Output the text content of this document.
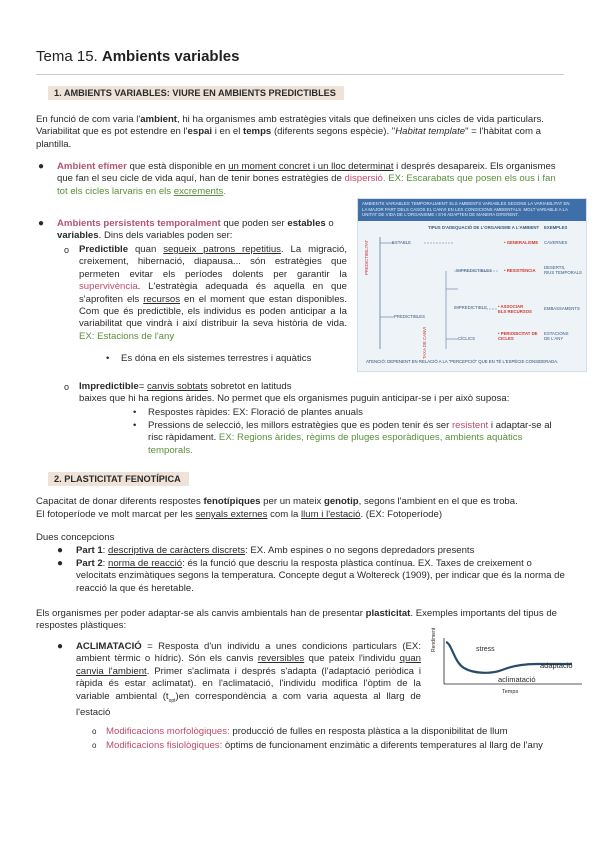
Tema 15. Ambients variables
1. AMBIENTS VARIABLES: VIURE EN AMBIENTS PREDICTIBLES
En funció de com varia l'ambient, hi ha organismes amb estratègies vitals que defineixen uns cicles de vida particulars. Variabilitat que es pot estendre en l'espai i en el temps (diferents segons espècie). "Habitat template" = l'hàbitat com a plantilla.
● Ambient efímer que està disponible en un moment concret i un lloc determinat i després desapareix. Els organismes que fan el seu cicle de vida aquí, han de tenir bones estratègies de dispersió. EX: Escarabats que posen els ous i fan tot els cicles larvaris en els excrements.
● Ambients persistents temporalment que poden ser estables o variables. Dins dels variables poden ser:
o Predictible quan segueix patrons repetitius. La migració, creixement, hibernació, diapausa... són estratègies que permeten evitar els períodes dolents per garantir la supervivència. L'estratègia adequada és aquella en que s'aprofiten els recursos en el moment que estan disponibles. Com que és predictible, els individus es poden anticipar a la variabilitat que vindrà i així distribuir la seva història de vida. EX: Estacions de l'any
• Es dóna en els sistemes terrestres i aquàtics
AMBIENTS VARIABLES TEMPORALMENT: ELS AMBIENTS VARIABLES SEGONS LA VARIABILITAT EN
LA MAJOR PART DELS CASOS EL CANVI EN LES CONDICIONS AMBIENTALS. MOLT VARIABLE A LA
UNITAT DE VIDA DE L'ORGANISME I S'HI ADAPTEN DE MANERA DIFERENT.
TIPUS D'ADEQUACIÓ DE L'ORGANISME A L'AMBIENT EXEMPLES
PREDICTIBILITAT
TAXA DE CANVI
ESTABLE
IMPREDICTIBLES
PREDICTIBLES
IMPREDICTIBLE
CÍCLICS
• GENERALISME
• RESISTÈNCIA
• ASSOCIAR
ELS RECURSOS
• PERIODICITAT DE
CICLES
CAVERNES
DESERTS,
RIUS TEMPORALS
EMBASSAMENTS
ESTACIONS
DE L'ANY
ATENCIÓ: DEPENENT EN RELACIÓ A LA "PERCEPCIÓ" QUE EN TÉ L'ESPÈCIE CONSIDERADA.
o Impredictible= canvis sobtats sobretot en latituds
baixes que hi ha regions àrides. No permet que els organismes puguin anticipar-se i per això suposa:
• Respostes ràpides: EX: Floració de plantes anuals
• Pressions de selecció, les millors estratègies que es poden tenir és ser resistent i adaptar-se al risc ràpidament. EX: Regions àrides, règims de pluges esporàdiques, ambients aquàtics temporals.
2. PLASTICITAT FENOTÍPICA
Capacitat de donar diferents respostes fenotípiques per un mateix genotip, segons l'ambient en el que es troba.
El fotoperíode ve molt marcat per les senyals externes com la llum i l'estació. (EX: Fotoperíode)
Dues concepcions
● Part 1: descriptiva de caràcters discrets: EX. Amb espines o no segons depredadors presents
● Part 2: norma de reacció: és la funció que descriu la resposta plàstica contínua. EX. Taxes de creixement o velocitats enzimàtiques segons la temperatura. Concepte degut a Woltereck (1909), per indicar que és la norma de reacció la que és heretable.
Els organismes per poder adaptar-se als canvis ambientals han de presentar plasticitat. Exemples importants del tipus de respostes plàstiques:
● ACLIMATACIÓ = Resposta d'un individu a unes condicions particulars (EX: ambient tèrmic o hídric). Són els canvis reversibles que pateix l'individu quan canvia l'ambient. Primer s'aclimata i després s'adapta (l'adaptació periòdica i ràpida és estar aclimatat). en l'aclimatació, l'individu modifica l'òptim de la variable ambiental $(t_{opt})en$ correspondència a com varia aquesta al llarg de l'estació
Rendiment
Temps
stress
adaptació
aclimatació
o Modificacions morfològiques: producció de fulles en resposta plàstica a la disponibilitat de llum
o Modificacions fisiològiques: òptims de funcionament enzimàtic a diferents temperatures al llarg de l'any
